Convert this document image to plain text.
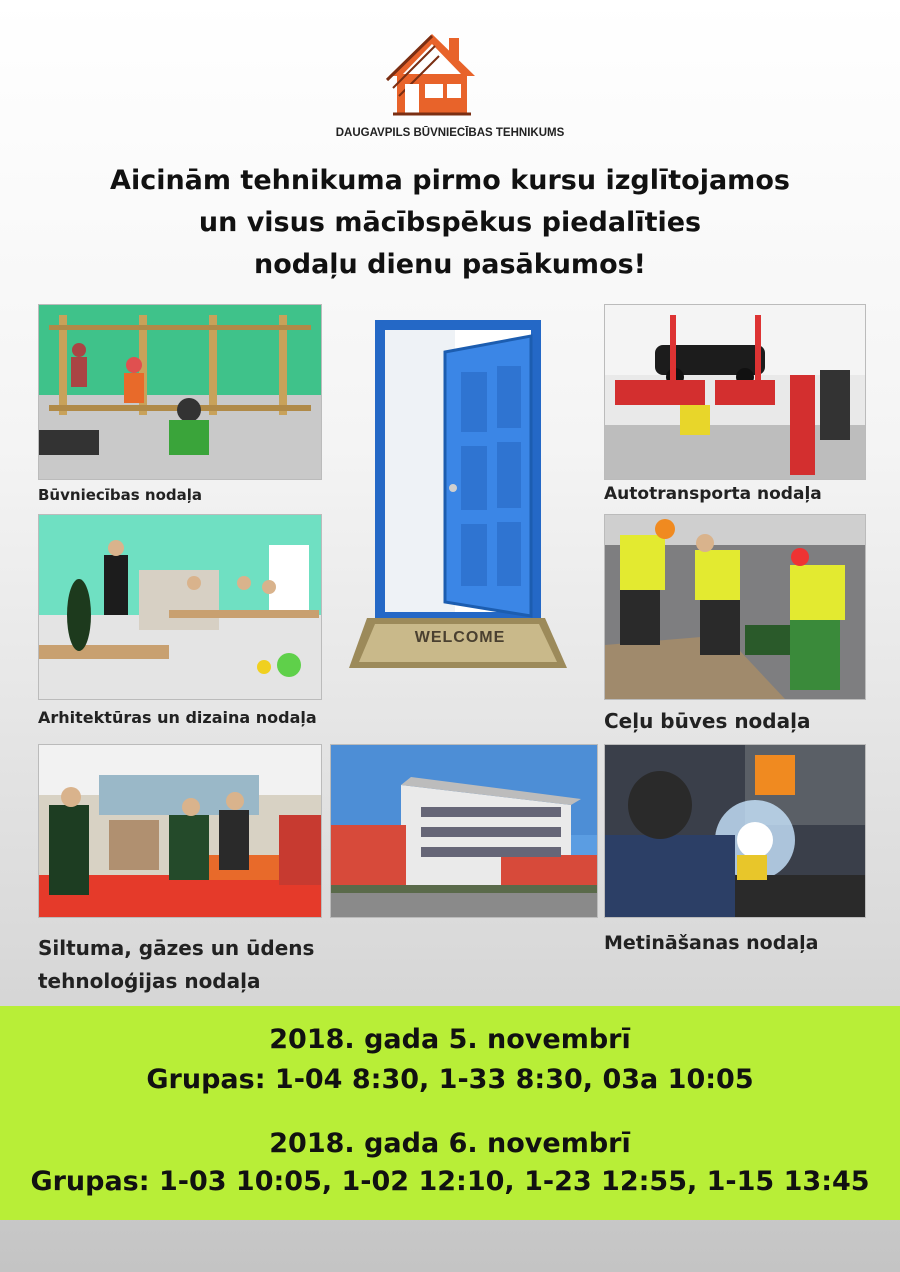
DAUGAVPILS BŪVNIECĪBAS TEHNIKUMS
Aicinām tehnikuma pirmo kursu izglītojamos
un visus mācībspēkus piedalīties
nodaļu dienu pasākumos!
Būvniecības nodaļa	Autotransporta nodaļa
Arhitektūras un dizaina nodaļa	Ceļu būves nodaļa
WELCOME
Siltuma, gāzes un ūdens
tehnoloģijas nodaļa
Metināšanas nodaļa
2018. gada 5. novembrī
Grupas: 1-04 8:30, 1-33 8:30, 03a 10:05
2018. gada 6. novembrī
Grupas: 1-03 10:05, 1-02 12:10, 1-23 12:55, 1-15 13:45
